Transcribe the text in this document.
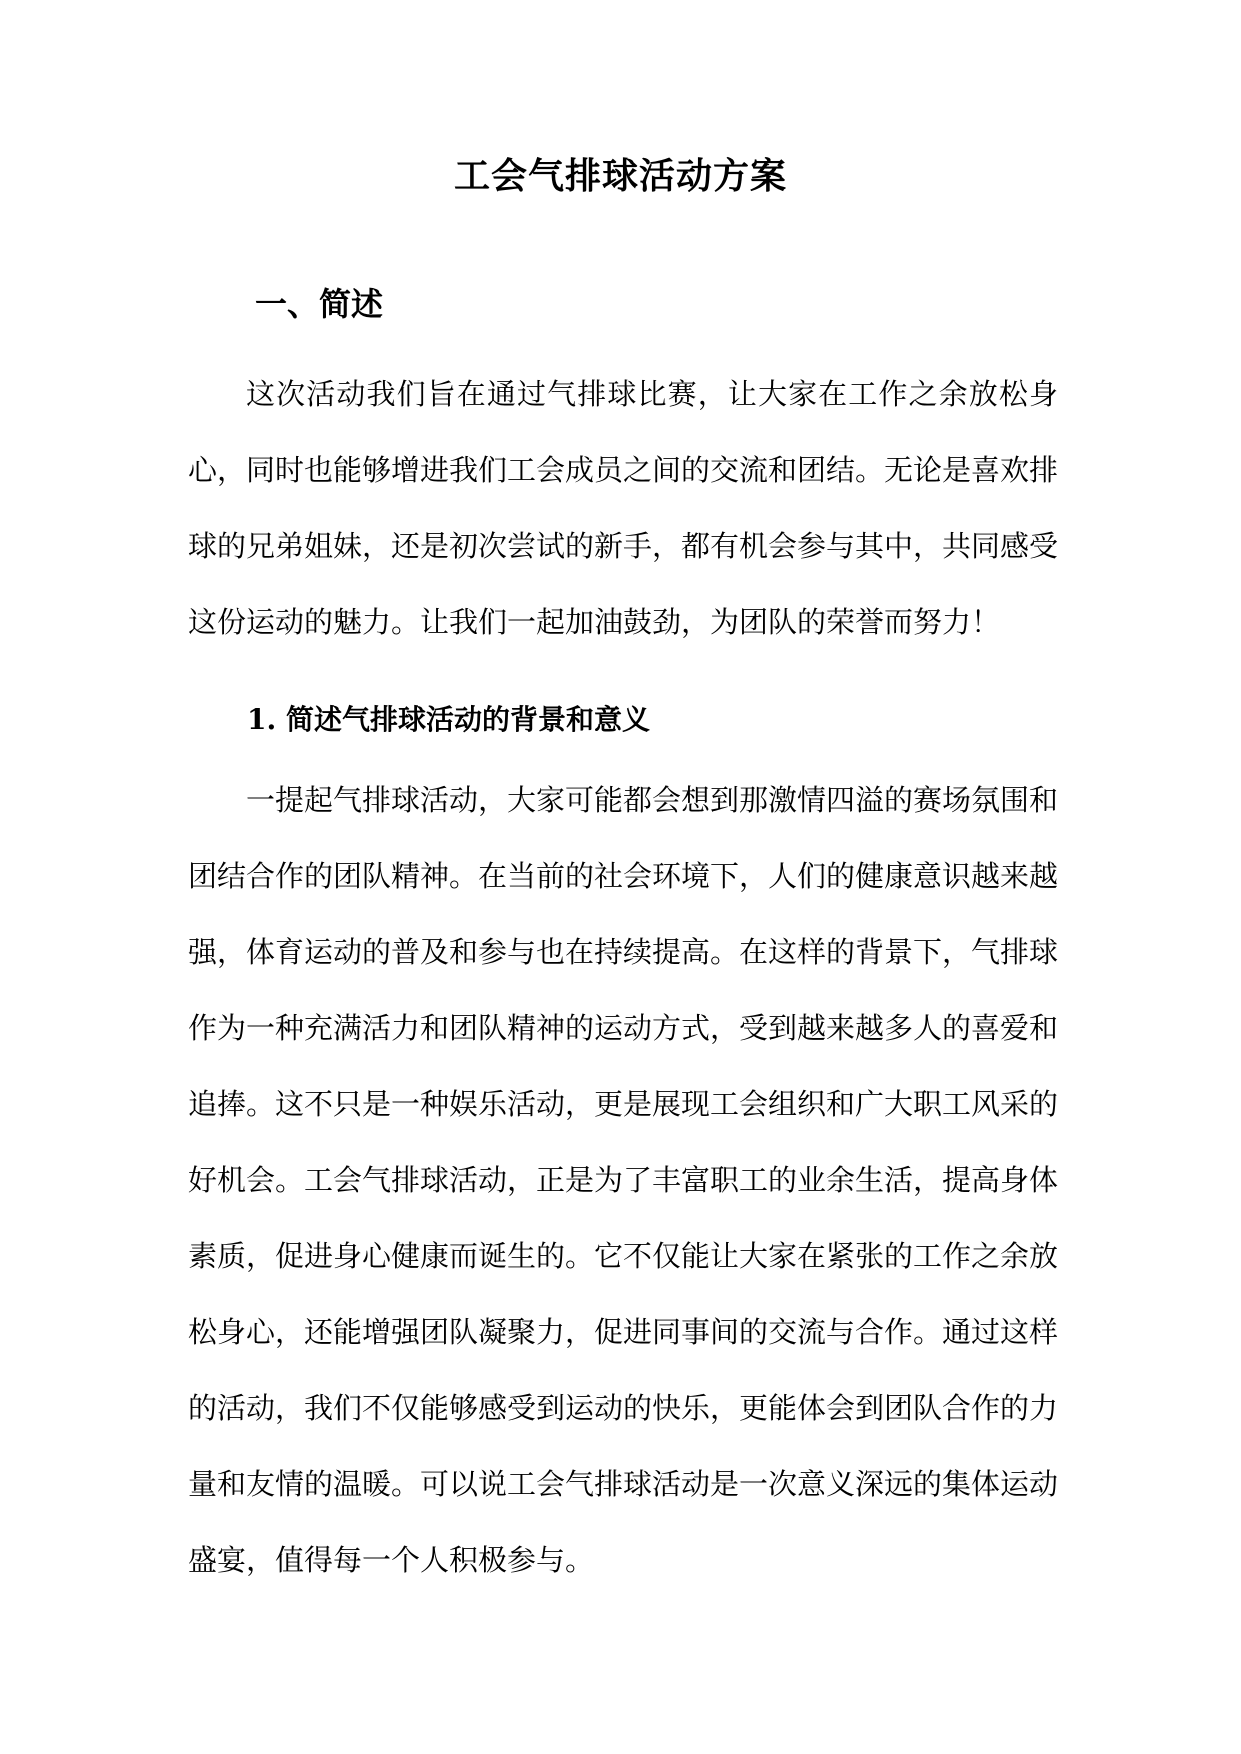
工会气排球活动方案
一、简述

这次活动我们旨在通过气排球比赛，让大家在工作之余放松身心，同时也能够增进我们工会成员之间的交流和团结。无论是喜欢排球的兄弟姐妹，还是初次尝试的新手，都有机会参与其中，共同感受这份运动的魅力。让我们一起加油鼓劲，为团队的荣誉而努力！

1. 简述气排球活动的背景和意义

一提起气排球活动，大家可能都会想到那激情四溢的赛场氛围和团结合作的团队精神。在当前的社会环境下，人们的健康意识越来越强，体育运动的普及和参与也在持续提高。在这样的背景下，气排球作为一种充满活力和团队精神的运动方式，受到越来越多人的喜爱和追捧。这不只是一种娱乐活动，更是展现工会组织和广大职工风采的好机会。工会气排球活动，正是为了丰富职工的业余生活，提高身体素质，促进身心健康而诞生的。它不仅能让大家在紧张的工作之余放松身心，还能增强团队凝聚力，促进同事间的交流与合作。通过这样的活动，我们不仅能够感受到运动的快乐，更能体会到团队合作的力量和友情的温暖。可以说工会气排球活动是一次意义深远的集体运动盛宴，值得每一个人积极参与。
